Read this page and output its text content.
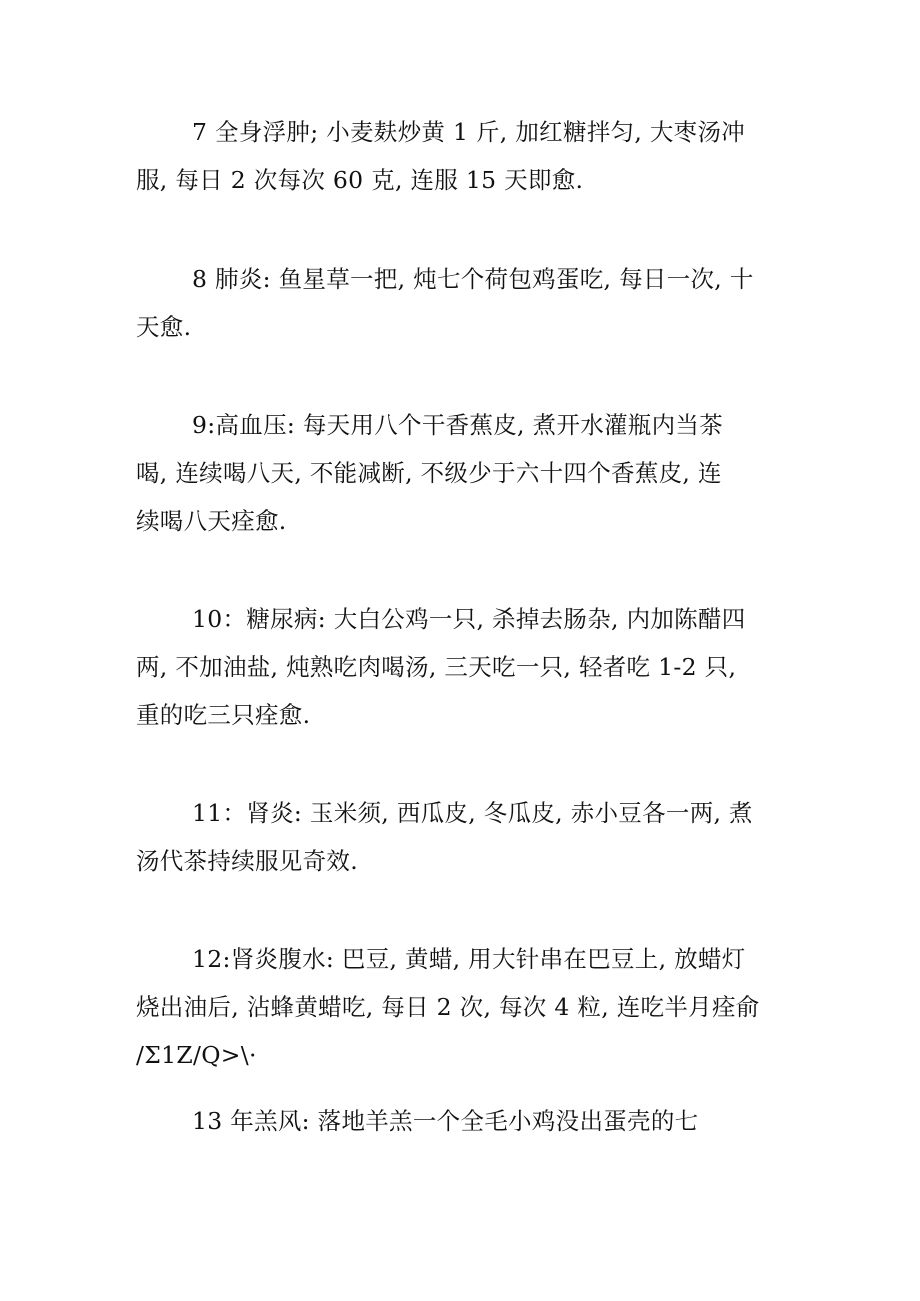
7 全身浮肿; 小麦麸炒黄 1 斤, 加红糖拌匀, 大枣汤冲
服, 每日 2 次每次 60 克, 连服 15 天即愈.
8 肺炎: 鱼星草一把, 炖七个荷包鸡蛋吃, 每日一次, 十
天愈.
9:高血压: 每天用八个干香蕉皮, 煮开水灌瓶内当茶
喝, 连续喝八天, 不能减断, 不级少于六十四个香蕉皮, 连
续喝八天痊愈.
10：糖尿病: 大白公鸡一只, 杀掉去肠杂, 内加陈醋四
两, 不加油盐, 炖熟吃肉喝汤, 三天吃一只, 轻者吃 1-2 只,
重的吃三只痊愈.
11：肾炎: 玉米须, 西瓜皮, 冬瓜皮, 赤小豆各一两, 煮
汤代茶持续服见奇效.
12:肾炎腹水: 巴豆, 黄蜡, 用大针串在巴豆上, 放蜡灯
烧出油后, 沾蜂黄蜡吃, 每日 2 次, 每次 4 粒, 连吃半月痊俞
/Σ1Z/Q>\·
13 年羔风: 落地羊羔一个全毛小鸡没出蛋壳的七
